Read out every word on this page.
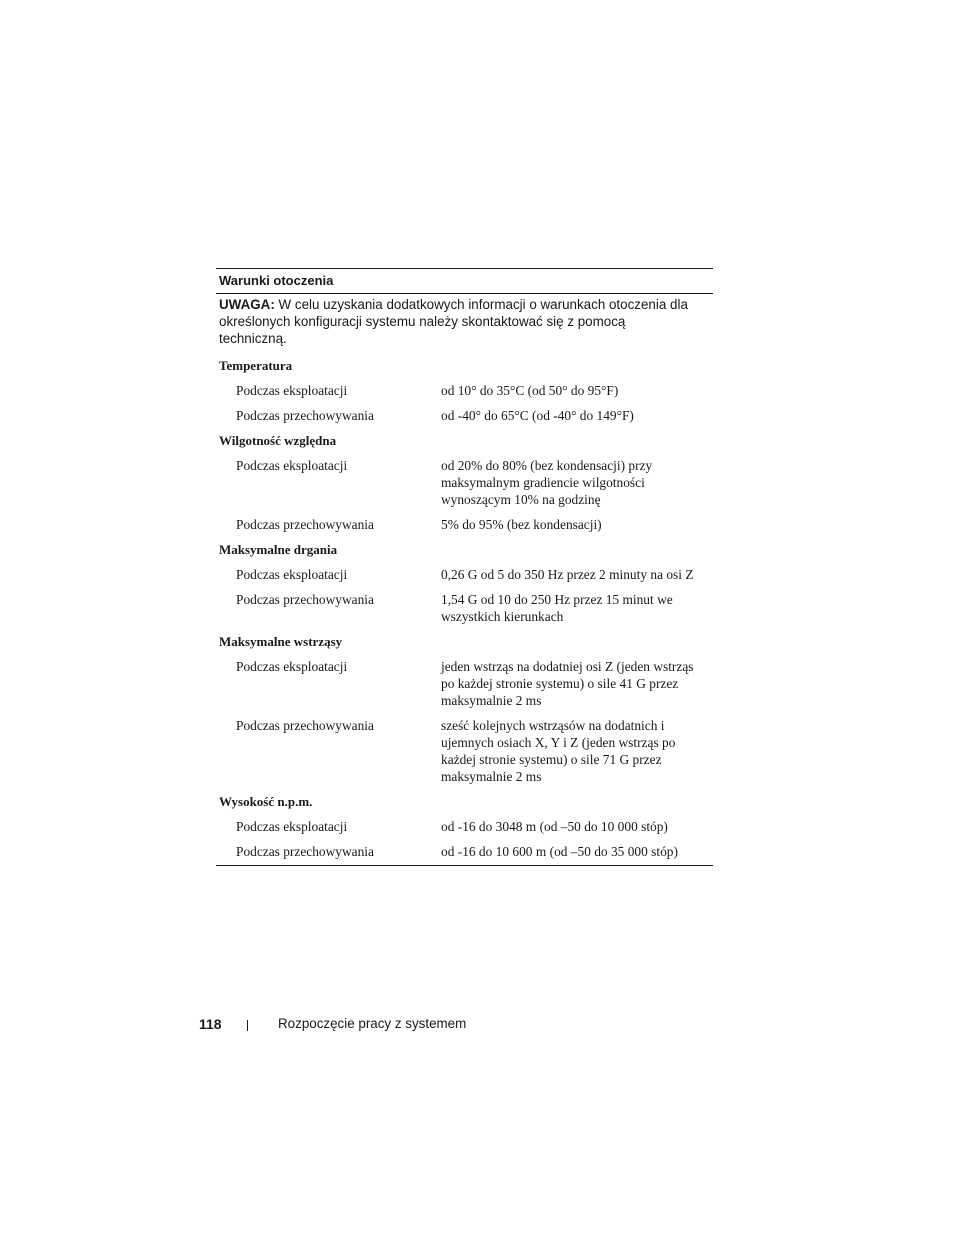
Warunki otoczenia
UWAGA: W celu uzyskania dodatkowych informacji o warunkach otoczenia dla określonych konfiguracji systemu należy skontaktować się z pomocą techniczną.
Temperatura
Podczas eksploatacji	od 10° do 35°C (od 50° do 95°F)
Podczas przechowywania	od -40° do 65°C (od -40° do 149°F)
Wilgotność względna
Podczas eksploatacji	od 20% do 80% (bez kondensacji) przy maksymalnym gradiencie wilgotności wynoszącym 10% na godzinę
Podczas przechowywania	5% do 95% (bez kondensacji)
Maksymalne drgania
Podczas eksploatacji	0,26 G od 5 do 350 Hz przez 2 minuty na osi Z
Podczas przechowywania	1,54 G od 10 do 250 Hz przez 15 minut we wszystkich kierunkach
Maksymalne wstrząsy
Podczas eksploatacji	jeden wstrząs na dodatniej osi Z (jeden wstrząs po każdej stronie systemu) o sile 41 G przez maksymalnie 2 ms
Podczas przechowywania	sześć kolejnych wstrząsów na dodatnich i ujemnych osiach X, Y i Z (jeden wstrząs po każdej stronie systemu) o sile 71 G przez maksymalnie 2 ms
Wysokość n.p.m.
Podczas eksploatacji	od -16 do 3048 m (od –50 do 10 000 stóp)
Podczas przechowywania	od -16 do 10 600 m (od –50 do 35 000 stóp)
118	Rozpoczęcie pracy z systemem
